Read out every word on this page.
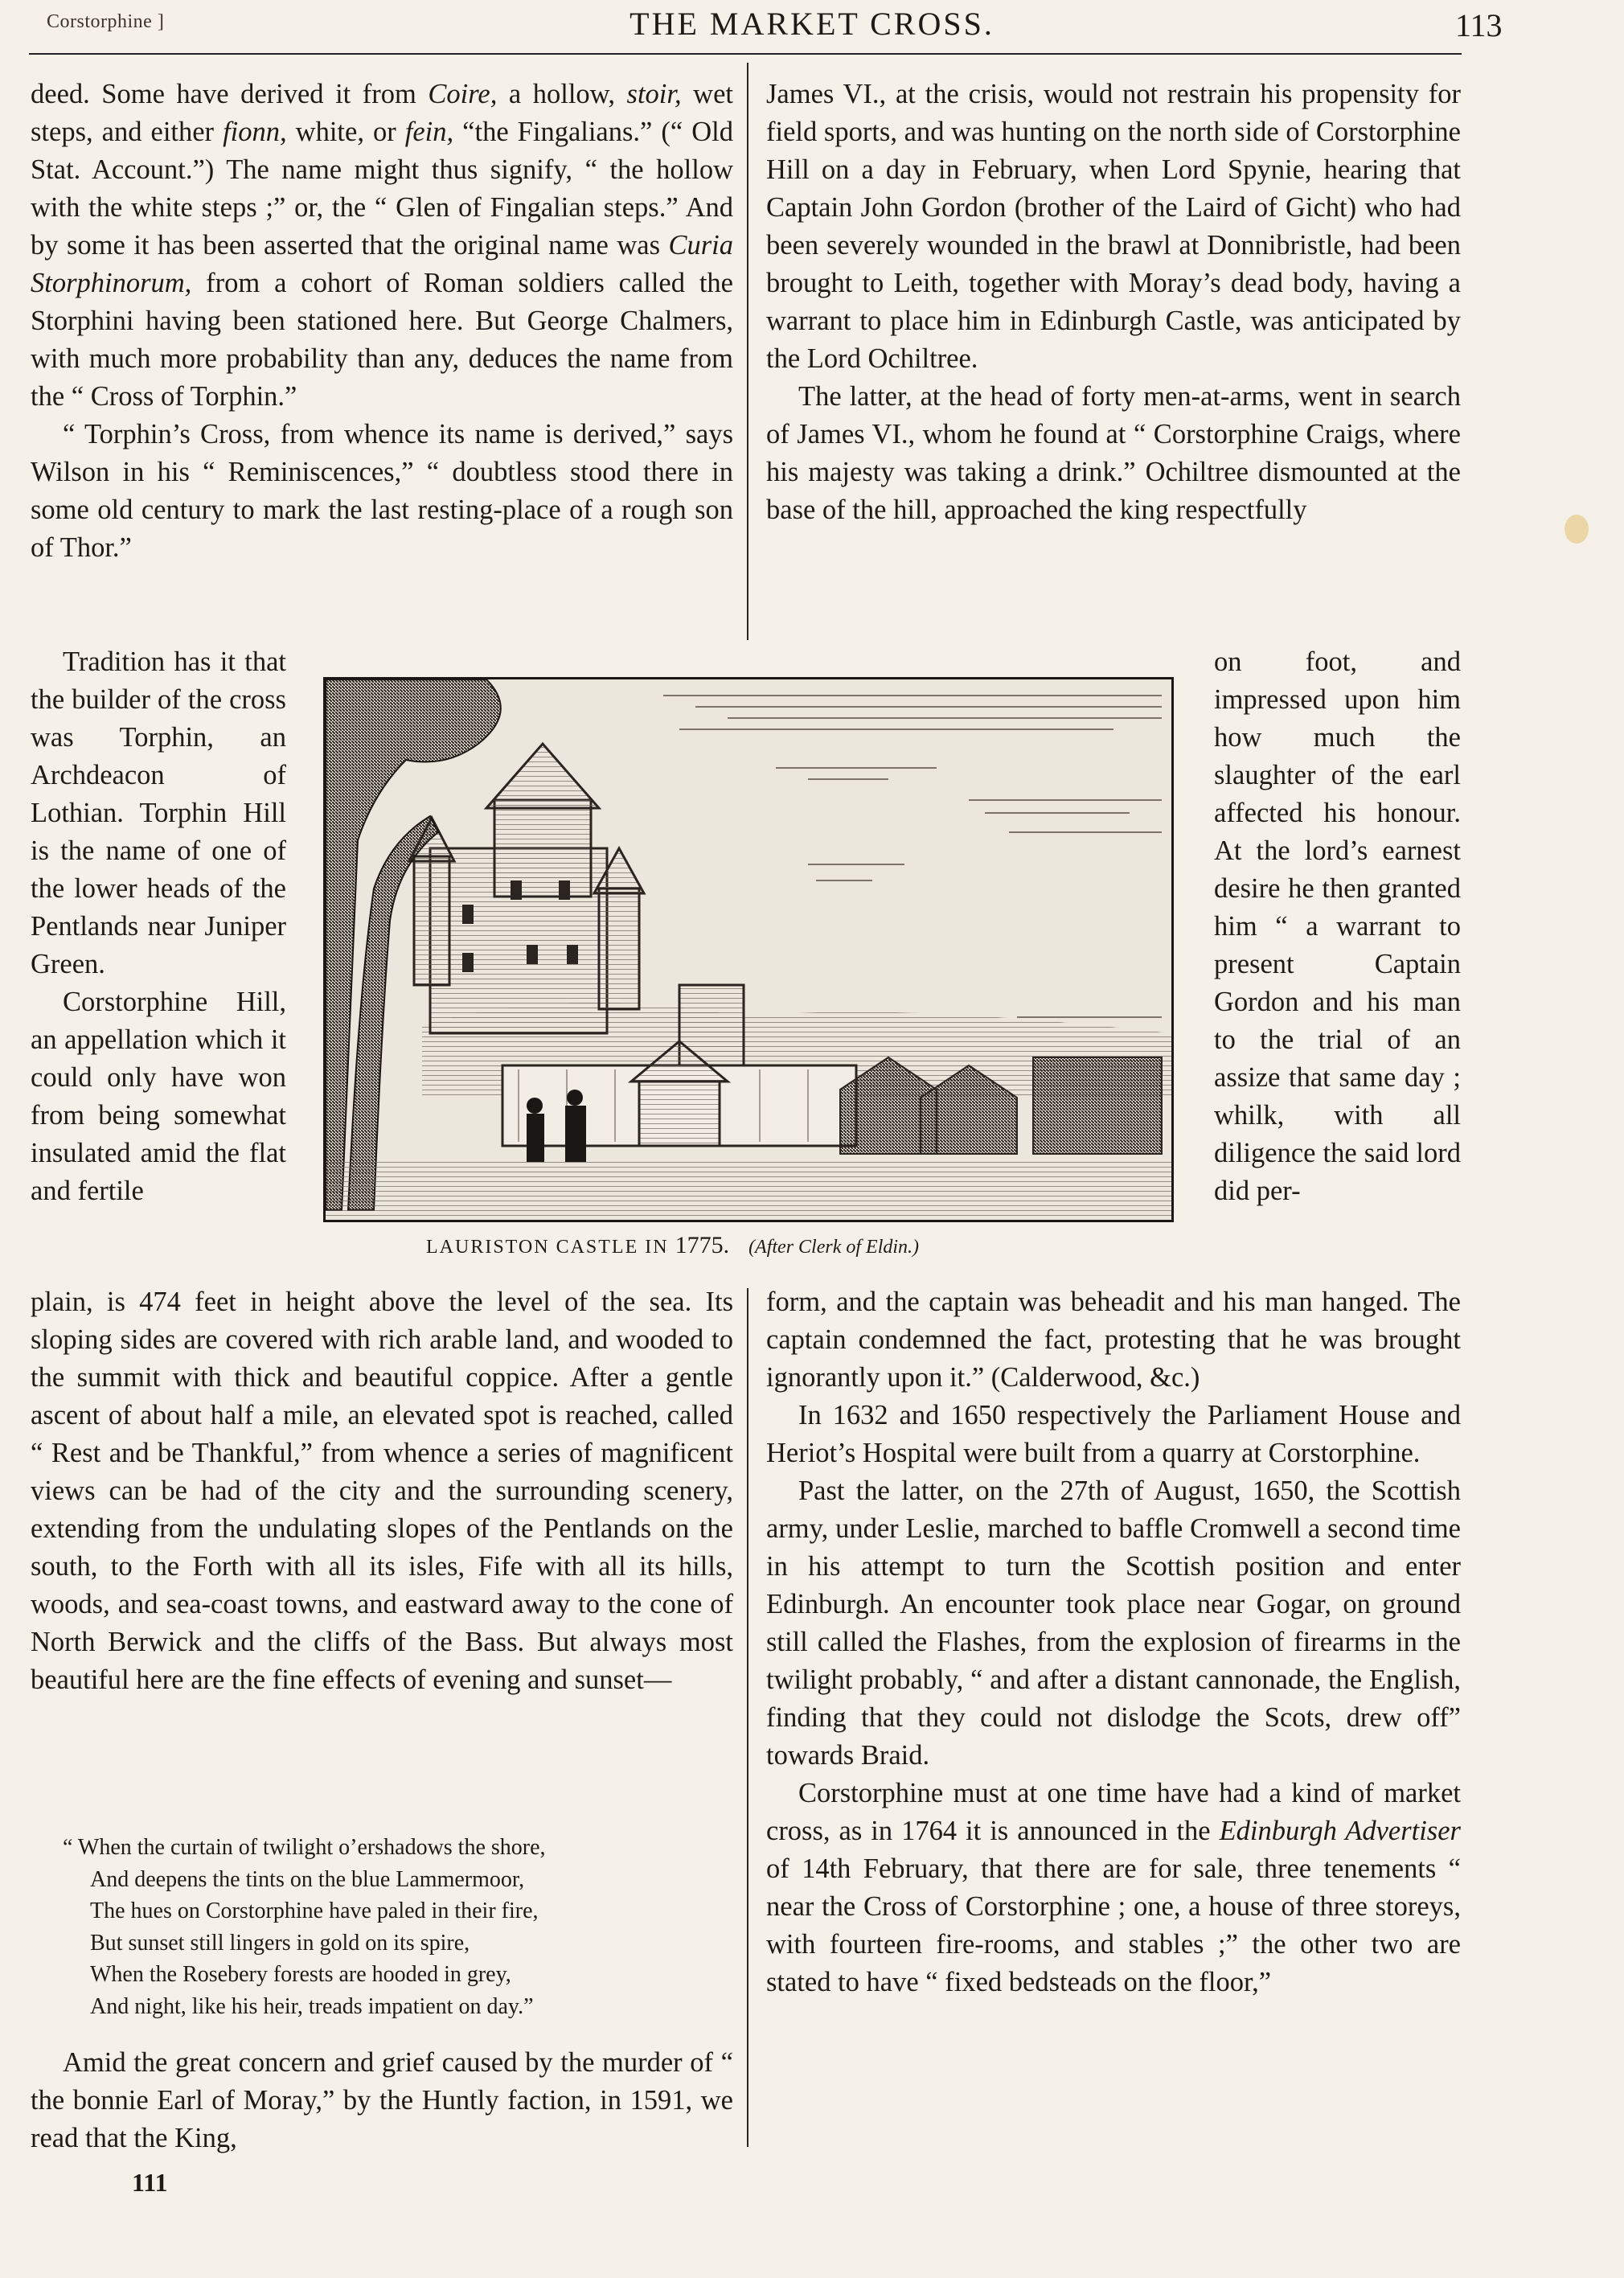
Corstorphine ]	THE MARKET CROSS.	113

deed. Some have derived it from Coire, a hollow, stoir, wet steps, and either fionn, white, or fein, “the Fingalians.” (“ Old Stat. Account.”) The name might thus signify, “ the hollow with the white steps ;” or, the “ Glen of Fingalian steps.” And by some it has been asserted that the original name was Curia Storphinorum, from a cohort of Roman soldiers called the Storphini having been stationed here. But George Chalmers, with much more probability than any, deduces the name from the “ Cross of Torphin.”

“ Torphin’s Cross, from whence its name is derived,” says Wilson in his “ Reminiscences,” “ doubtless stood there in some old century to mark the last resting-place of a rough son of Thor.”

Tradition has it that the builder of the cross was Torphin, an Archdeacon of Lothian. Torphin Hill is the name of one of the lower heads of the Pentlands near Juniper Green.

Corstorphine Hill, an appellation which it could only have won from being somewhat insulated amid the flat and fertile

plain, is 474 feet in height above the level of the sea. Its sloping sides are covered with rich arable land, and wooded to the summit with thick and beautiful coppice. After a gentle ascent of about half a mile, an elevated spot is reached, called “ Rest and be Thankful,” from whence a series of magnificent views can be had of the city and the surrounding scenery, extending from the undulating slopes of the Pentlands on the south, to the Forth with all its isles, Fife with all its hills, woods, and sea-coast towns, and eastward away to the cone of North Berwick and the cliffs of the Bass. But always most beautiful here are the fine effects of evening and sunset—

“ When the curtain of twilight o’ershadows the shore,
And deepens the tints on the blue Lammermoor,
The hues on Corstorphine have paled in their fire,
But sunset still lingers in gold on its spire,
When the Rosebery forests are hooded in grey,
And night, like his heir, treads impatient on day.”

Amid the great concern and grief caused by the murder of “ the bonnie Earl of Moray,” by the Huntly faction, in 1591, we read that the King,

111

James VI., at the crisis, would not restrain his propensity for field sports, and was hunting on the north side of Corstorphine Hill on a day in February, when Lord Spynie, hearing that Captain John Gordon (brother of the Laird of Gicht) who had been severely wounded in the brawl at Donnibristle, had been brought to Leith, together with Moray’s dead body, having a warrant to place him in Edinburgh Castle, was anticipated by the Lord Ochiltree.

The latter, at the head of forty men-at-arms, went in search of James VI., whom he found at “ Corstorphine Craigs, where his majesty was taking a drink.” Ochiltree dismounted at the base of the hill, approached the king respectfully

on foot, and impressed upon him how much the slaughter of the earl affected his honour. At the lord’s earnest desire he then granted him “ a warrant to present Captain Gordon and his man to the trial of an assize that same day ; whilk, with all diligence the said lord did per-

form, and the captain was beheadit and his man hanged. The captain condemned the fact, protesting that he was brought ignorantly upon it.” (Calderwood, &c.)

In 1632 and 1650 respectively the Parliament House and Heriot’s Hospital were built from a quarry at Corstorphine.

Past the latter, on the 27th of August, 1650, the Scottish army, under Leslie, marched to baffle Cromwell a second time in his attempt to turn the Scottish position and enter Edinburgh. An encounter took place near Gogar, on ground still called the Flashes, from the explosion of firearms in the twilight probably, “ and after a distant cannonade, the English, finding that they could not dislodge the Scots, drew off” towards Braid.

Corstorphine must at one time have had a kind of market cross, as in 1764 it is announced in the Edinburgh Advertiser of 14th February, that there are for sale, three tenements “ near the Cross of Corstorphine ; one, a house of three storeys, with fourteen fire-rooms, and stables ;” the other two are stated to have “ fixed bedsteads on the floor,”

LAURISTON CASTLE IN 1775. (After Clerk of Eldin.)
